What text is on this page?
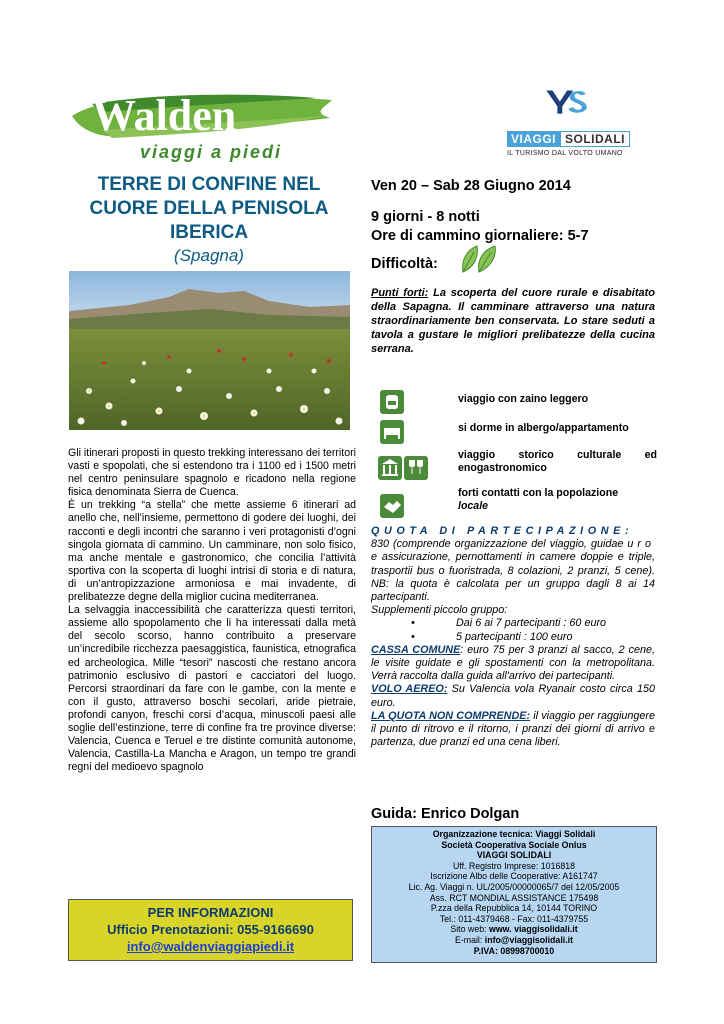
Walden
viaggi a piedi
VIAGGI SOLIDALI
IL TURISMO DAL VOLTO UMANO
TERRE DI CONFINE NEL
CUORE DELLA PENISOLA
IBERICA
(Spagna)

Gli itinerari proposti in questo trekking interessano dei territori vasti e spopolati, che si estendono tra i 1100 ed i 1500 metri nel centro peninsulare spagnolo e ricadono nella regione fisica denominata Sierra de Cuenca.

È un trekking “a stella” che mette assieme 6 itinerari ad anello che, nell’insieme, permettono di godere dei luoghi, dei racconti e degli incontri che saranno i veri protagonisti d’ogni singola giornata di cammino. Un camminare, non solo fisico, ma anche mentale e gastronomico, che concilia l’attività sportiva con la scoperta di luoghi intrisi di storia e di natura, di un’antropizzazione armoniosa e mai invadente, di prelibatezze degne della miglior cucina mediterranea.

La selvaggia inaccessibilità che caratterizza questi territori, assieme allo spopolamento che li ha interessati dalla metà del secolo scorso, hanno contribuito a preservare un’incredibile ricchezza paesaggistica, faunistica, etnografica ed archeologica. Mille “tesori” nascosti che restano ancora patrimonio esclusivo di pastori e cacciatori del luogo. Percorsi straordinari da fare con le gambe, con la mente e con il gusto, attraverso boschi secolari, aride pietraie, profondi canyon, freschi corsi d’acqua, minuscoli paesi alle soglie dell’estinzione, terre di confine fra tre province diverse: Valencia, Cuenca e Teruel e tre distinte comunità autonome, Valencia, Castilla-La Mancha e Aragon, un tempo tre grandi regni del medioevo spagnolo

PER INFORMAZIONI
Ufficio Prenotazioni: 055-9166690
info@waldenviaggiapiedi.it
Ven 20 – Sab 28 Giugno 2014
9 giorni - 8 notti
Ore di cammino giornaliere: 5-7
Difficoltà:
Punti forti: La scoperta del cuore rurale e disabitato della Sapagna. Il camminare attraverso una natura straordinariamente ben conservata. Lo stare seduti a tavola a gustare le migliori prelibatezze della cucina serrana.
viaggio con zaino leggero
si dorme in albergo/appartamento
viaggio storico culturale ed enogastronomico
forti contatti con la popolazione
locale
QUOTA DI PARTECIPAZIONE:
euro
830 (comprende organizzazione del viaggio, guida e assicurazione, pernottamenti in camere doppie e triple, trasportii bus o fuoristrada, 8 colazioni, 2 pranzi, 5 cene). NB: la quota è calcolata per un gruppo dagli 8 ai 14 partecipanti.
Supplementi piccolo gruppo:
•	Dai 6 ai 7 partecipanti : 60 euro
•	5 partecipanti : 100 euro
CASSA COMUNE: euro 75 per 3 pranzi al sacco, 2 cene, le visite guidate e gli spostamenti con la metropolitana. Verrà raccolta dalla guida all'arrivo dei partecipanti.
VOLO AEREO: Su Valencia vola Ryanair costo circa 150 euro.
LA QUOTA NON COMPRENDE: il viaggio per raggiungere il punto di ritrovo e il ritorno, i pranzi dei giorni di arrivo e partenza, due pranzi ed una cena liberi.
Guida: Enrico Dolgan
Organizzazione tecnica: Viaggi Solidali
Società Cooperativa Sociale Onlus
VIAGGI SOLIDALI
Uff. Registro Imprese: 1016818
Iscrizione Albo delle Cooperative: A161747
Lic. Ag. Viaggi n. UL/2005/00000065/7 del 12/05/2005
Ass. RCT MONDIAL ASSISTANCE 175498
P.zza della Repubblica 14, 10144 TORINO
Tel.: 011-4379468 - Fax: 011-4379755
Sito web: www. viaggisolidali.it
E-mail: info@viaggisolidali.it
P.IVA: 08998700010
